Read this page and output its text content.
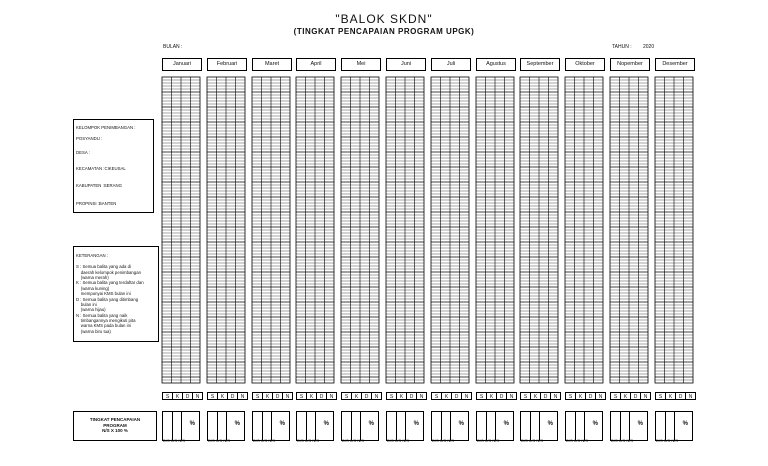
"BALOK SKDN"
(TINGKAT PENCAPAIAN PROGRAM UPGK)
BULAN :	TAHUN : 2020
Januari	Februari	Maret	April	Mei	Juni	Juli	Agustus	September	Oktober	Nopember	Desember
S	K	D	N	S	K	D	N	S	K	D	N	S	K	D	N	S	K	D	N	S	K	D	N	S	K	D	N	S	K	D	N	S	K	D	N	S	K	D	N	S	K	D	N	S	K	D	N
%
D/S K/S N/S
%
D/S K/S N/S
%
D/S K/S N/S
%
D/S K/S N/S
%
D/S K/S N/S
%
D/S K/S N/S
%
D/S K/S N/S
%
D/S K/S N/S
%
D/S K/S N/S
%
D/S K/S N/S
%
D/S K/S N/S
%
D/S K/S N/S
KELOMPOK PENIMBANGAN :
POSYANDU :
DESA :
KECAMATAN :CIKEUSAL
KABUPATEN :SERANG
PROPINSI :BANTEN
KETERANGAN :
S : Semua balita yang ada di
daerah kelompok penimbangan
(warna merah)
K : Semua balita yang terdaftar dan
(warna kuning)
mempunyai KMS bulan ini
D : Semua balita yang ditimbang
bulan ini
(warna hijau)
N : Semua balita yang naik
timbangannya mengikuti pita
warna KMS pada bulan ini
(warna biru tua)
TINGKAT PENCAPAIAN
PROGRAM
N/S X 100 %
